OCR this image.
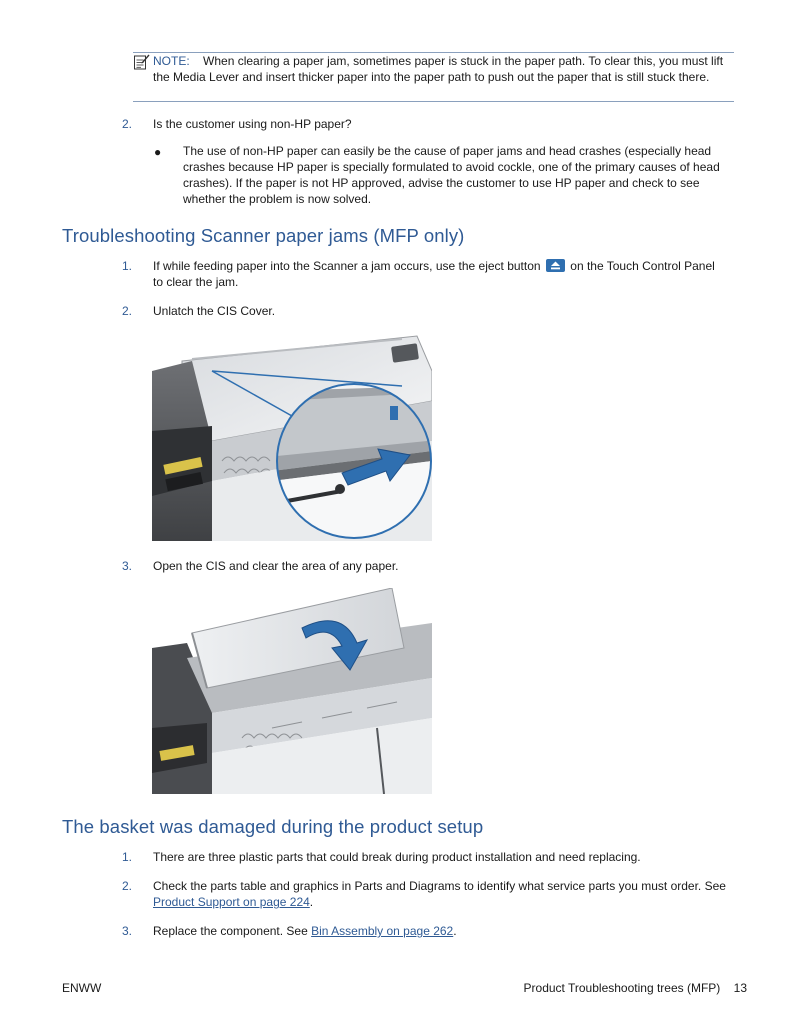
NOTE: When clearing a paper jam, sometimes paper is stuck in the paper path. To clear this, you must lift the Media Lever and insert thicker paper into the paper path to push out the paper that is still stuck there.
2. Is the customer using non-HP paper?
● The use of non-HP paper can easily be the cause of paper jams and head crashes (especially head crashes because HP paper is specially formulated to avoid cockle, one of the primary causes of head crashes). If the paper is not HP approved, advise the customer to use HP paper and check to see whether the problem is now solved.
Troubleshooting Scanner paper jams (MFP only)
1. If while feeding paper into the Scanner a jam occurs, use the eject button on the Touch Control Panel to clear the jam.
2. Unlatch the CIS Cover.
3. Open the CIS and clear the area of any paper.
The basket was damaged during the product setup
1. There are three plastic parts that could break during product installation and need replacing.
2. Check the parts table and graphics in Parts and Diagrams to identify what service parts you must order. See Product Support on page 224.
3. Replace the component. See Bin Assembly on page 262.
ENWW	Product Troubleshooting trees (MFP) 13
